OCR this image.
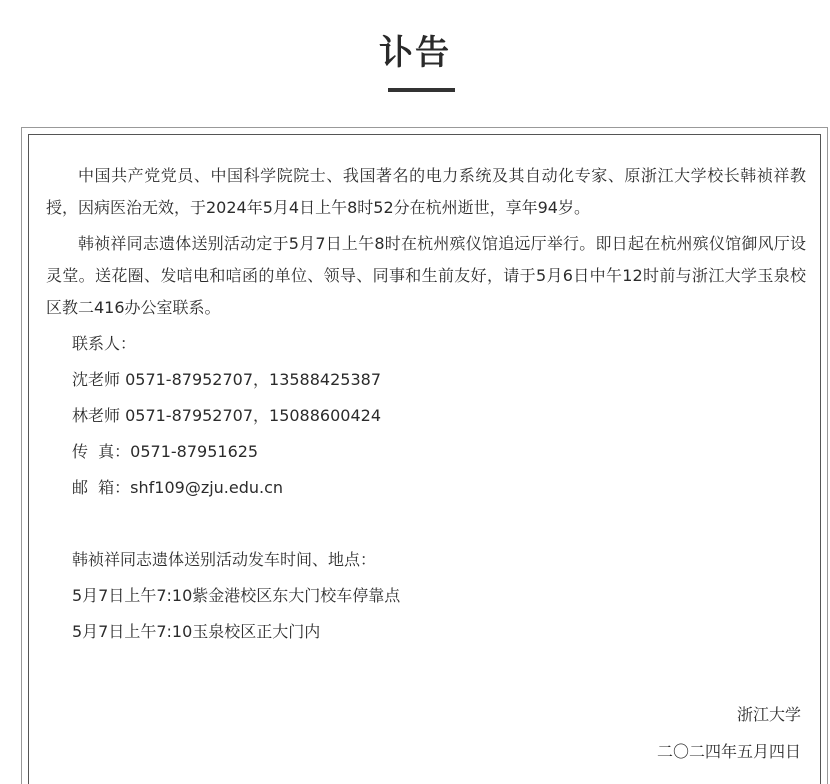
讣告

中国共产党党员、中国科学院院士、我国著名的电力系统及其自动化专家、原浙江大学校长韩祯祥教授，因病医治无效，于2024年5月4日上午8时52分在杭州逝世，享年94岁。

韩祯祥同志遗体送别活动定于5月7日上午8时在杭州殡仪馆追远厅举行。即日起在杭州殡仪馆御风厅设灵堂。送花圈、发唁电和唁函的单位、领导、同事和生前友好，请于5月6日中午12时前与浙江大学玉泉校区教二416办公室联系。

联系人：
沈老师 0571-87952707，13588425387
林老师 0571-87952707，15088600424
传  真：0571-87951625
邮  箱：shf109@zju.edu.cn
韩祯祥同志遗体送别活动发车时间、地点：
5月7日上午7:10紫金港校区东大门校车停靠点
5月7日上午7:10玉泉校区正大门内
浙江大学
二〇二四年五月四日
